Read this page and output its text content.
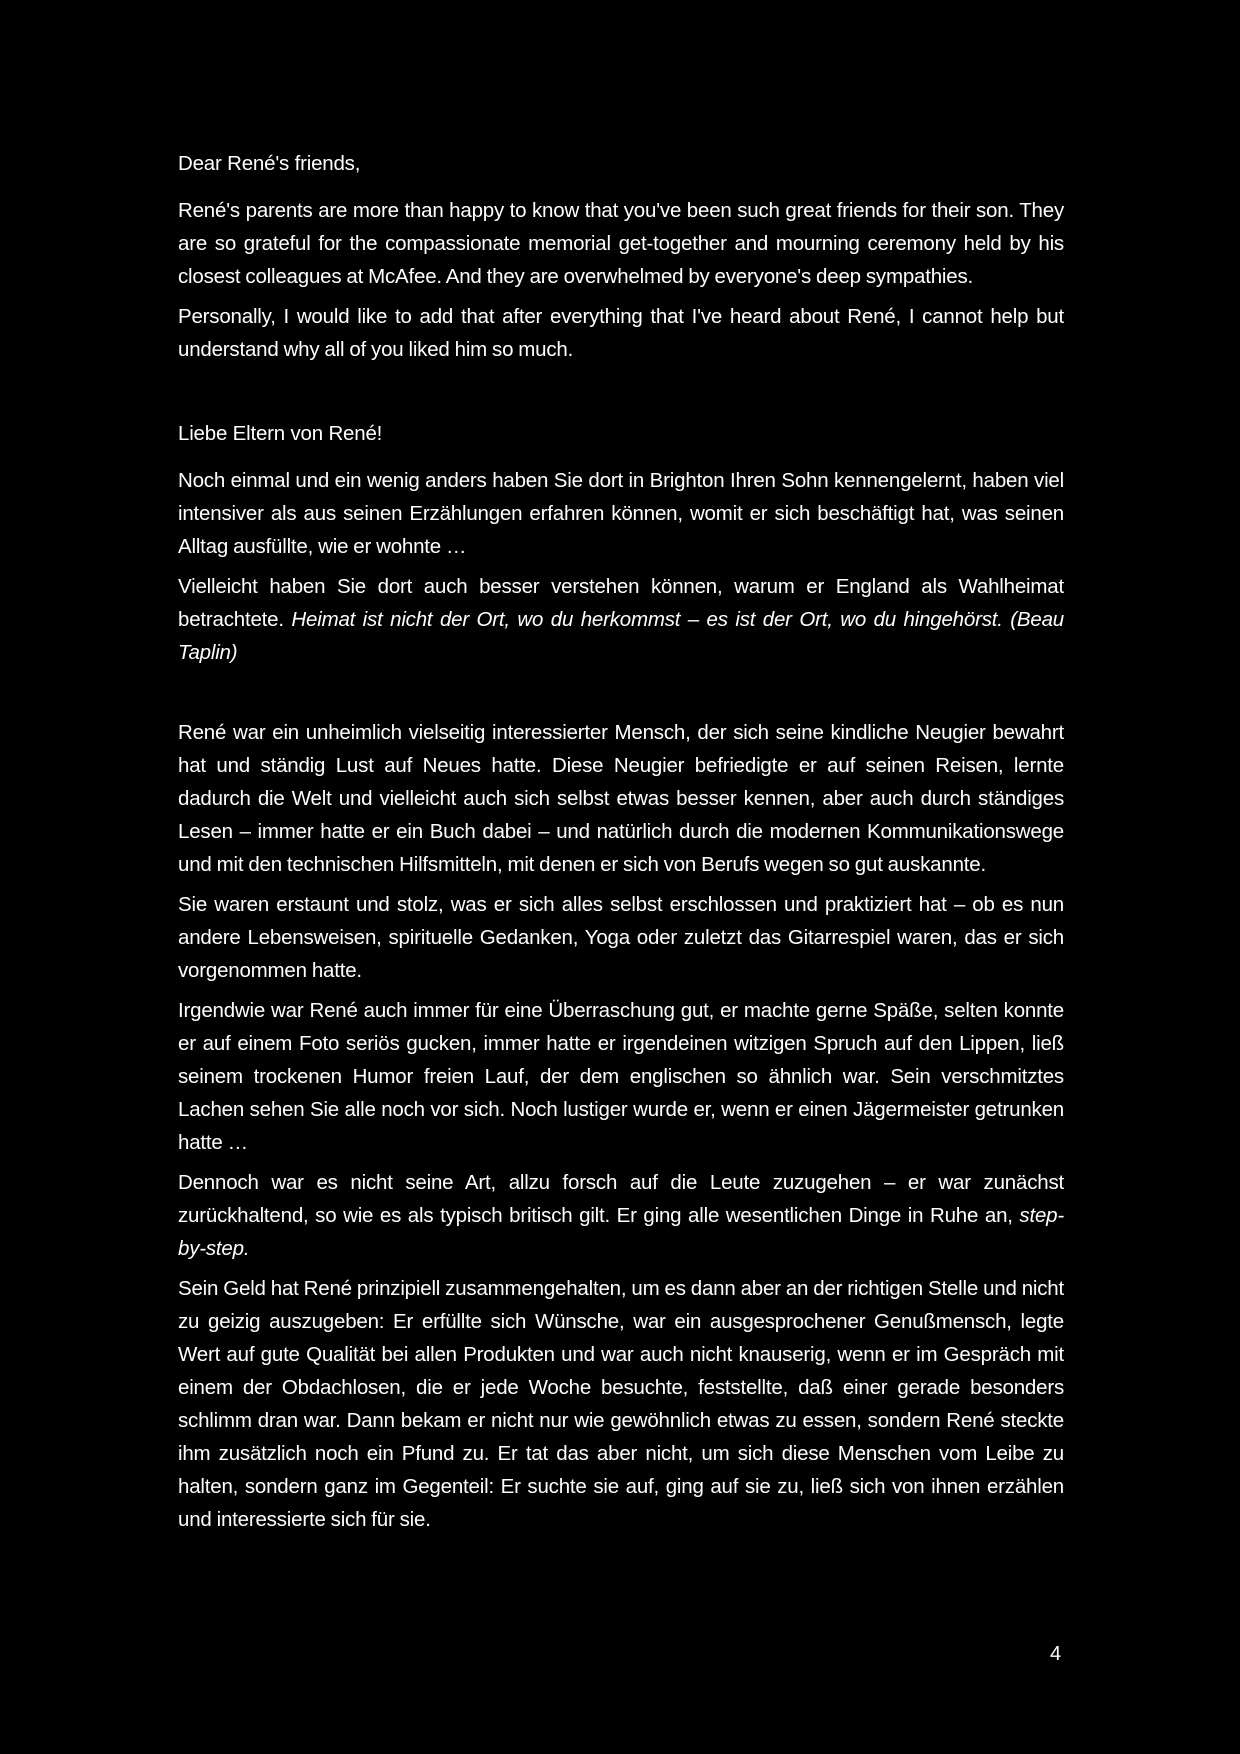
Dear René's friends,

René's parents are more than happy to know that you've been such great friends for their son. They are so grateful for the compassionate memorial get-together and mourning ceremony held by his closest colleagues at McAfee. And they are overwhelmed by everyone's deep sympathies.

Personally, I would like to add that after everything that I've heard about René, I cannot help but understand why all of you liked him so much.

Liebe Eltern von René!

Noch einmal und ein wenig anders haben Sie dort in Brighton Ihren Sohn kennengelernt, haben viel intensiver als aus seinen Erzählungen erfahren können, womit er sich beschäftigt hat, was seinen Alltag ausfüllte, wie er wohnte …

Vielleicht haben Sie dort auch besser verstehen können, warum er England als Wahlheimat betrachtete. Heimat ist nicht der Ort, wo du herkommst – es ist der Ort, wo du hingehörst. (Beau Taplin)

René war ein unheimlich vielseitig interessierter Mensch, der sich seine kindliche Neugier bewahrt hat und ständig Lust auf Neues hatte. Diese Neugier befriedigte er auf seinen Reisen, lernte dadurch die Welt und vielleicht auch sich selbst etwas besser kennen, aber auch durch ständiges Lesen – immer hatte er ein Buch dabei – und natürlich durch die modernen Kommunikationswege und mit den technischen Hilfsmitteln, mit denen er sich von Berufs wegen so gut auskannte.

Sie waren erstaunt und stolz, was er sich alles selbst erschlossen und praktiziert hat – ob es nun andere Lebensweisen, spirituelle Gedanken, Yoga oder zuletzt das Gitarrespiel waren, das er sich vorgenommen hatte.

Irgendwie war René auch immer für eine Überraschung gut, er machte gerne Späße, selten konnte er auf einem Foto seriös gucken, immer hatte er irgendeinen witzigen Spruch auf den Lippen, ließ seinem trockenen Humor freien Lauf, der dem englischen so ähnlich war. Sein verschmitztes Lachen sehen Sie alle noch vor sich. Noch lustiger wurde er, wenn er einen Jägermeister getrunken hatte …

Dennoch war es nicht seine Art, allzu forsch auf die Leute zuzugehen – er war zunächst zurückhaltend, so wie es als typisch britisch gilt. Er ging alle wesentlichen Dinge in Ruhe an, step-by-step.

Sein Geld hat René prinzipiell zusammengehalten, um es dann aber an der richtigen Stelle und nicht zu geizig auszugeben: Er erfüllte sich Wünsche, war ein ausgesprochener Genußmensch, legte Wert auf gute Qualität bei allen Produkten und war auch nicht knauserig, wenn er im Gespräch mit einem der Obdachlosen, die er jede Woche besuchte, feststellte, daß einer gerade besonders schlimm dran war. Dann bekam er nicht nur wie gewöhnlich etwas zu essen, sondern René steckte ihm zusätzlich noch ein Pfund zu. Er tat das aber nicht, um sich diese Menschen vom Leibe zu halten, sondern ganz im Gegenteil: Er suchte sie auf, ging auf sie zu, ließ sich von ihnen erzählen und interessierte sich für sie.

4
